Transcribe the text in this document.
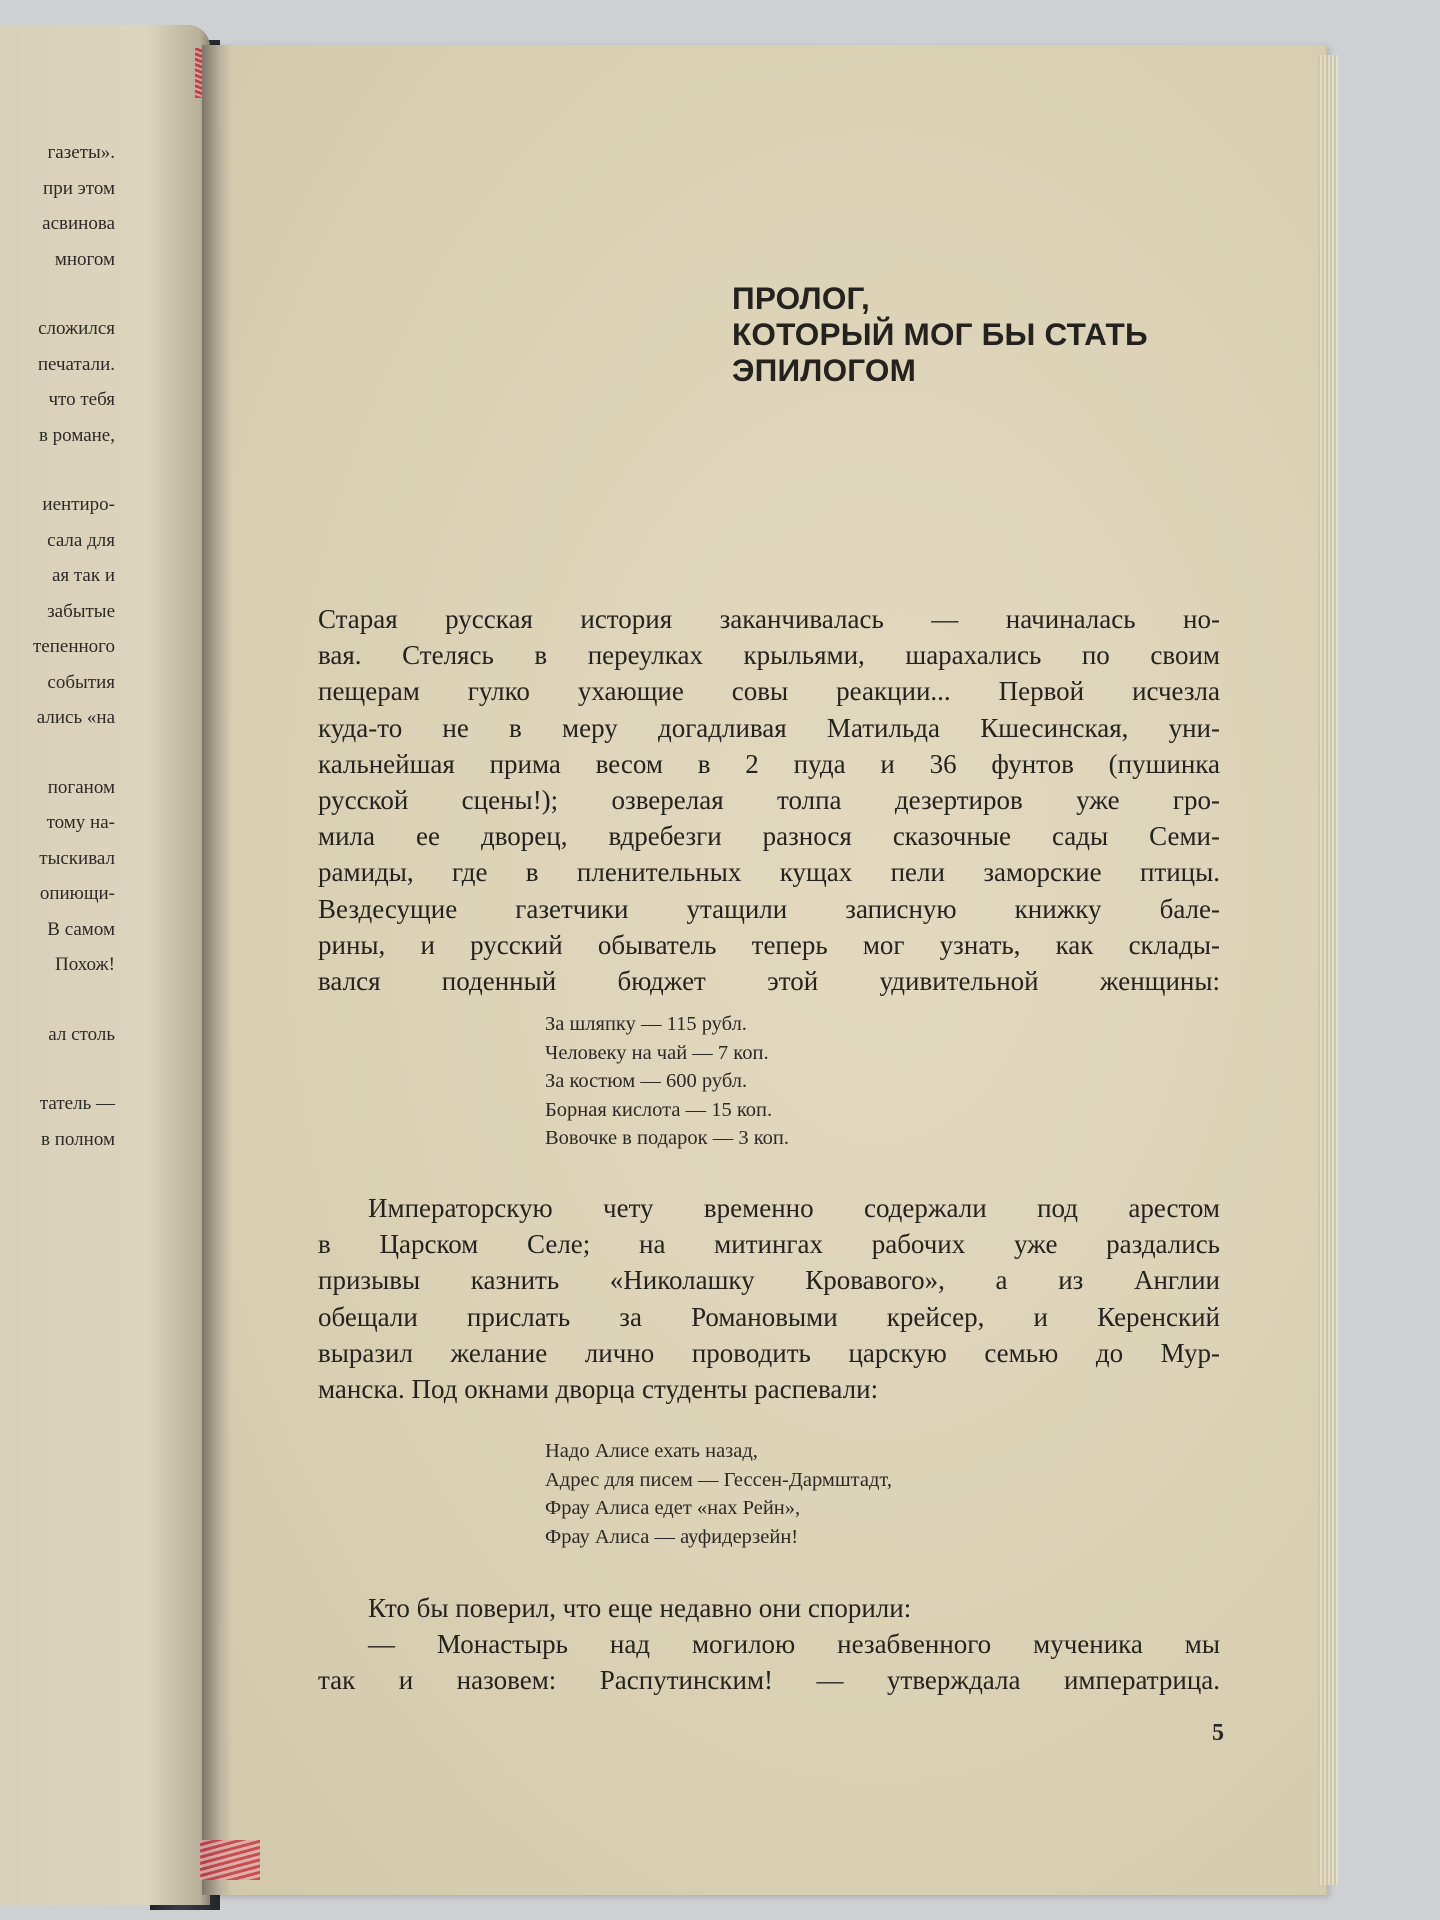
газеты».
при этом
асвинова
многом
сложился
печатали.
что тебя
в романе,
иентиро-
сала для
ая так и
забытые
тепенного
события
ались «на
поганом
тому на-
тыскивал
опиющи-
В самом
Похож!
ал столь
татель —
в полном
ПРОЛОГ,
КОТОРЫЙ МОГ БЫ СТАТЬ
ЭПИЛОГОМ
Старая русская история заканчивалась — начиналась но-
вая. Стелясь в переулках крыльями, шарахались по своим
пещерам гулко ухающие совы реакции... Первой исчезла
куда-то не в меру догадливая Матильда Кшесинская, уни-
кальнейшая прима весом в 2 пуда и 36 фунтов (пушинка
русской сцены!); озверелая толпа дезертиров уже гро-
мила ее дворец, вдребезги разнося сказочные сады Семи-
рамиды, где в пленительных кущах пели заморские птицы.
Вездесущие газетчики утащили записную книжку бале-
рины, и русский обыватель теперь мог узнать, как склады-
вался поденный бюджет этой удивительной женщины:
За шляпку — 115 рубл.
Человеку на чай — 7 коп.
За костюм — 600 рубл.
Борная кислота — 15 коп.
Вовочке в подарок — 3 коп.
Императорскую чету временно содержали под арестом
в Царском Селе; на митингах рабочих уже раздались
призывы казнить «Николашку Кровавого», а из Англии
обещали прислать за Романовыми крейсер, и Керенский
выразил желание лично проводить царскую семью до Мур-
манска. Под окнами дворца студенты распевали:
Надо Алисе ехать назад,
Адрес для писем — Гессен-Дармштадт,
Фрау Алиса едет «нах Рейн»,
Фрау Алиса — ауфидерзейн!
Кто бы поверил, что еще недавно они спорили:
— Монастырь над могилою незабвенного мученика мы
так и назовем: Распутинским! — утверждала императрица.
5
